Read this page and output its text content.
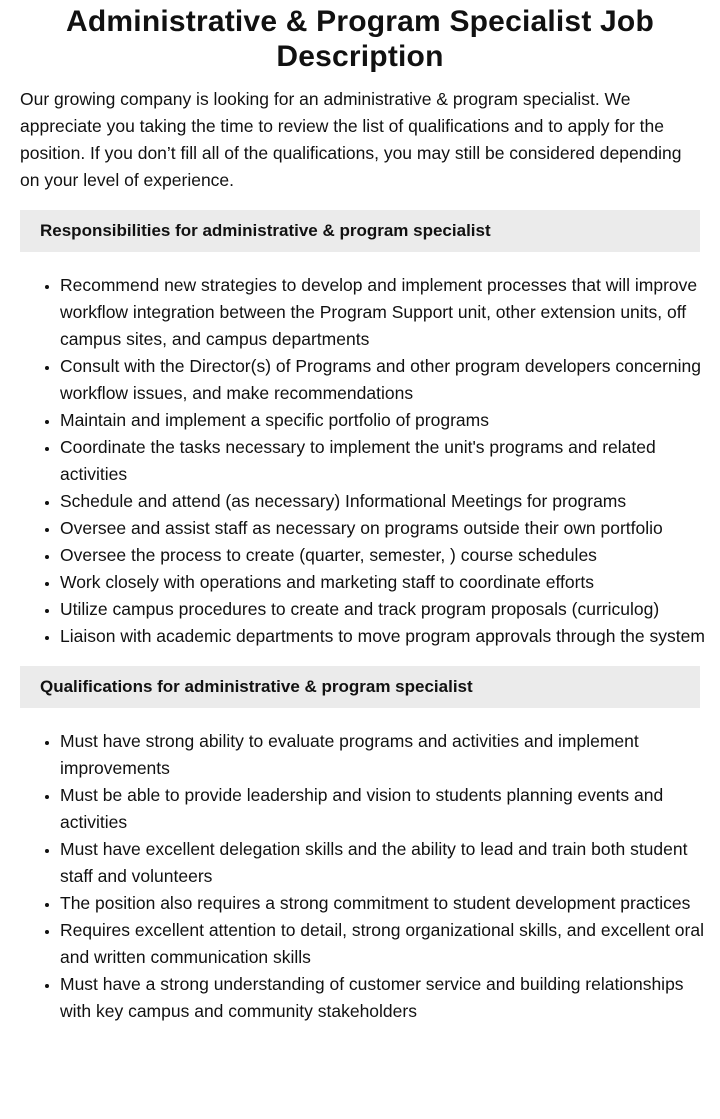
Administrative & Program Specialist Job Description

Our growing company is looking for an administrative & program specialist. We appreciate you taking the time to review the list of qualifications and to apply for the position. If you don’t fill all of the qualifications, you may still be considered depending on your level of experience.

Responsibilities for administrative & program specialist
• Recommend new strategies to develop and implement processes that will improve workflow integration between the Program Support unit, other extension units, off campus sites, and campus departments
• Consult with the Director(s) of Programs and other program developers concerning workflow issues, and make recommendations
• Maintain and implement a specific portfolio of programs
• Coordinate the tasks necessary to implement the unit's programs and related activities
• Schedule and attend (as necessary) Informational Meetings for programs
• Oversee and assist staff as necessary on programs outside their own portfolio
• Oversee the process to create (quarter, semester, ) course schedules
• Work closely with operations and marketing staff to coordinate efforts
• Utilize campus procedures to create and track program proposals (curriculog)
• Liaison with academic departments to move program approvals through the system
Qualifications for administrative & program specialist
• Must have strong ability to evaluate programs and activities and implement improvements
• Must be able to provide leadership and vision to students planning events and activities
• Must have excellent delegation skills and the ability to lead and train both student staff and volunteers
• The position also requires a strong commitment to student development practices
• Requires excellent attention to detail, strong organizational skills, and excellent oral and written communication skills
• Must have a strong understanding of customer service and building relationships with key campus and community stakeholders
